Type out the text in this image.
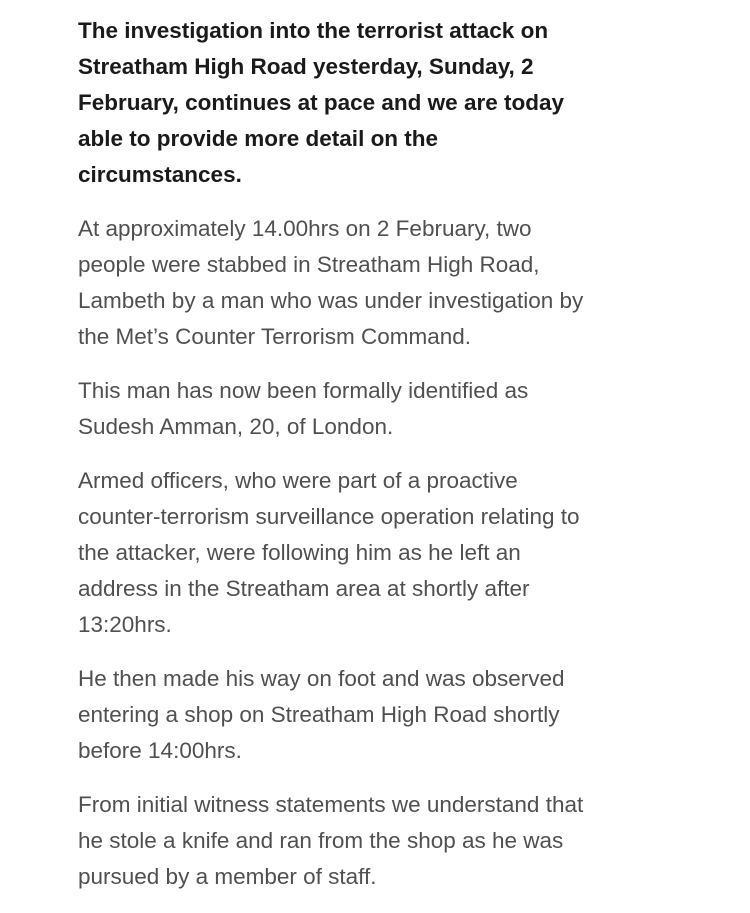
The investigation into the terrorist attack on
Streatham High Road yesterday, Sunday, 2
February, continues at pace and we are today
able to provide more detail on the
circumstances.

At approximately 14.00hrs on 2 February, two
people were stabbed in Streatham High Road,
Lambeth by a man who was under investigation by
the Met’s Counter Terrorism Command.

This man has now been formally identified as
Sudesh Amman, 20, of London.

Armed officers, who were part of a proactive
counter-terrorism surveillance operation relating to
the attacker, were following him as he left an
address in the Streatham area at shortly after
13:20hrs.

He then made his way on foot and was observed
entering a shop on Streatham High Road shortly
before 14:00hrs.

From initial witness statements we understand that
he stole a knife and ran from the shop as he was
pursued by a member of staff.
